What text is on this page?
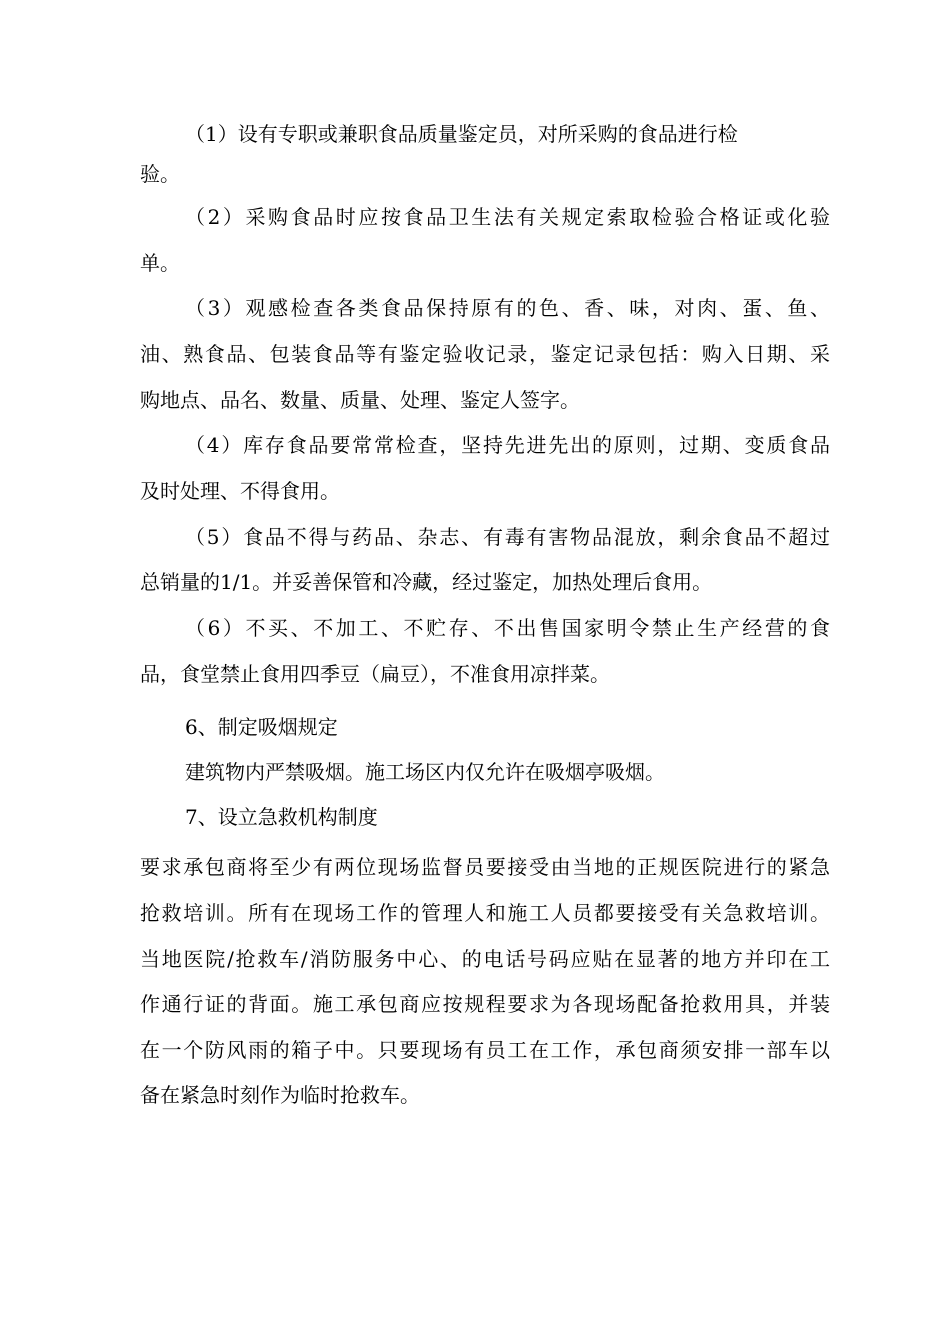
（1）设有专职或兼职食品质量鉴定员，对所采购的食品进行检
验。
（2）采购食品时应按食品卫生法有关规定索取检验合格证或化验
单。
（3）观感检查各类食品保持原有的色、香、味，对肉、蛋、鱼、
油、熟食品、包装食品等有鉴定验收记录，鉴定记录包括：购入日期、采
购地点、品名、数量、质量、处理、鉴定人签字。
（4）库存食品要常常检查，坚持先进先出的原则，过期、变质食品
及时处理、不得食用。
（5）食品不得与药品、杂志、有毒有害物品混放，剩余食品不超过
总销量的1/1。并妥善保管和冷藏，经过鉴定，加热处理后食用。
（6）不买、不加工、不贮存、不出售国家明令禁止生产经营的食
品，食堂禁止食用四季豆（扁豆），不准食用凉拌菜。
6、制定吸烟规定
建筑物内严禁吸烟。施工场区内仅允许在吸烟亭吸烟。
7、设立急救机构制度
要求承包商将至少有两位现场监督员要接受由当地的正规医院进行的紧急
抢救培训。所有在现场工作的管理人和施工人员都要接受有关急救培训。
当地医院/抢救车/消防服务中心、的电话号码应贴在显著的地方并印在工
作通行证的背面。施工承包商应按规程要求为各现场配备抢救用具，并装
在一个防风雨的箱子中。只要现场有员工在工作，承包商须安排一部车以
备在紧急时刻作为临时抢救车。
